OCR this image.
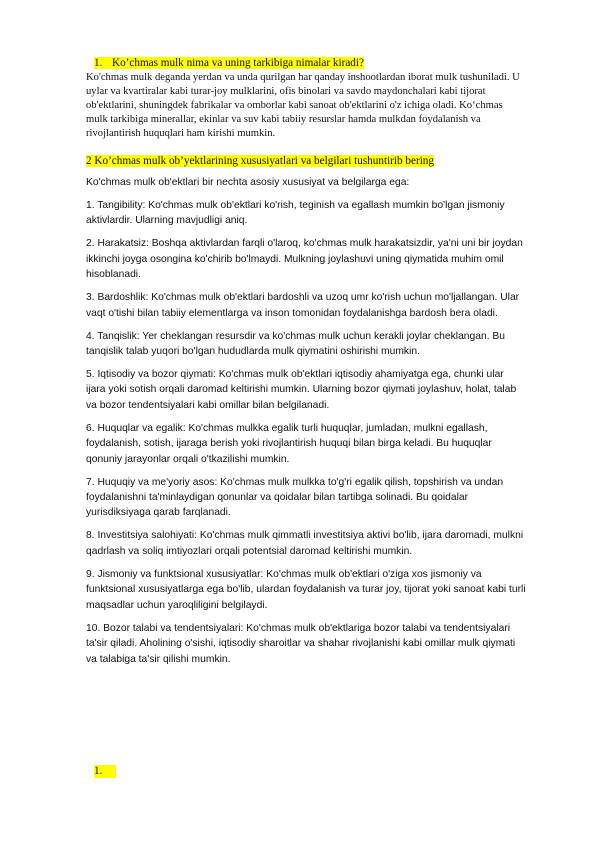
1. Ko’chmas mulk nima va uning tarkibiga nimalar kiradi?
Ko'chmas mulk deganda yerdan va unda qurilgan har qanday inshootlardan iborat mulk tushuniladi. U uylar va kvartiralar kabi turar-joy mulklarini, ofis binolari va savdo maydonchalari kabi tijorat ob'ektlarini, shuningdek fabrikalar va omborlar kabi sanoat ob'ektlarini o'z ichiga oladi. Ko‘chmas mulk tarkibiga minerallar, ekinlar va suv kabi tabiiy resurslar hamda mulkdan foydalanish va rivojlantirish huquqlari ham kirishi mumkin.
2 Ko’chmas mulk ob’yektlarining xususiyatlari va belgilari tushuntirib bering

Ko'chmas mulk ob'ektlari bir nechta asosiy xususiyat va belgilarga ega:

1. Tangibility: Ko'chmas mulk ob'ektlari ko'rish, teginish va egallash mumkin bo'lgan jismoniy aktivlardir. Ularning mavjudligi aniq.

2. Harakatsiz: Boshqa aktivlardan farqli o'laroq, ko'chmas mulk harakatsizdir, ya'ni uni bir joydan ikkinchi joyga osongina ko'chirib bo'lmaydi. Mulkning joylashuvi uning qiymatida muhim omil hisoblanadi.

3. Bardoshlik: Ko'chmas mulk ob'ektlari bardoshli va uzoq umr ko'rish uchun mo'ljallangan. Ular vaqt o'tishi bilan tabiiy elementlarga va inson tomonidan foydalanishga bardosh bera oladi.

4. Tanqislik: Yer cheklangan resursdir va ko'chmas mulk uchun kerakli joylar cheklangan. Bu tanqislik talab yuqori bo'lgan hududlarda mulk qiymatini oshirishi mumkin.

5. Iqtisodiy va bozor qiymati: Ko'chmas mulk ob'ektlari iqtisodiy ahamiyatga ega, chunki ular ijara yoki sotish orqali daromad keltirishi mumkin. Ularning bozor qiymati joylashuv, holat, talab va bozor tendentsiyalari kabi omillar bilan belgilanadi.

6. Huquqlar va egalik: Ko'chmas mulkka egalik turli huquqlar, jumladan, mulkni egallash, foydalanish, sotish, ijaraga berish yoki rivojlantirish huquqi bilan birga keladi. Bu huquqlar qonuniy jarayonlar orqali o'tkazilishi mumkin.

7. Huquqiy va me'yoriy asos: Ko'chmas mulk mulkka to'g'ri egalik qilish, topshirish va undan foydalanishni ta'minlaydigan qonunlar va qoidalar bilan tartibga solinadi. Bu qoidalar yurisdiksiyaga qarab farqlanadi.

8. Investitsiya salohiyati: Ko'chmas mulk qimmatli investitsiya aktivi bo'lib, ijara daromadi, mulkni qadrlash va soliq imtiyozlari orqali potentsial daromad keltirishi mumkin.

9. Jismoniy va funktsional xususiyatlar: Ko'chmas mulk ob'ektlari o'ziga xos jismoniy va funktsional xususiyatlarga ega bo'lib, ulardan foydalanish va turar joy, tijorat yoki sanoat kabi turli maqsadlar uchun yaroqliligini belgilaydi.

10. Bozor talabi va tendentsiyalari: Ko'chmas mulk ob'ektlariga bozor talabi va tendentsiyalari ta'sir qiladi. Aholining o'sishi, iqtisodiy sharoitlar va shahar rivojlanishi kabi omillar mulk qiymati va talabiga ta'sir qilishi mumkin.

1.
